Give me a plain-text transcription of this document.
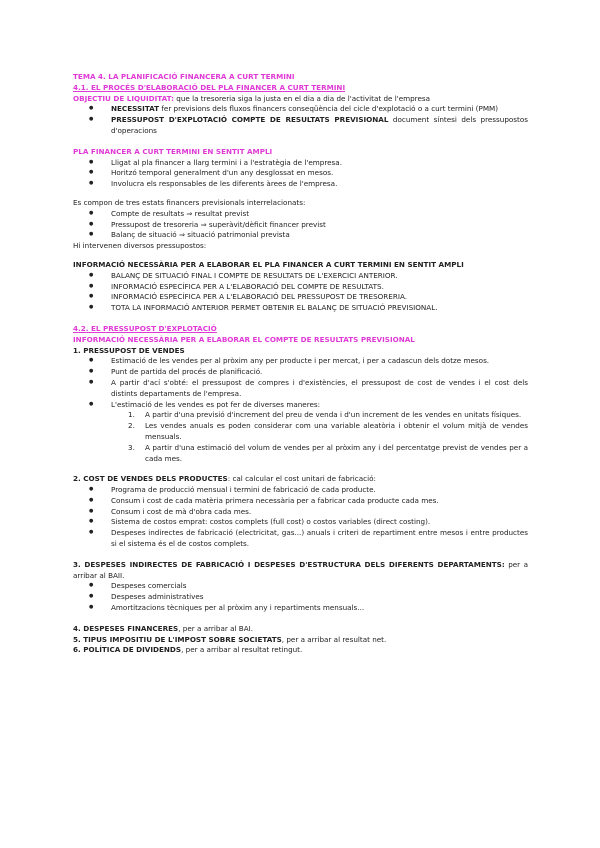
TEMA 4. LA PLANIFICACIÓ FINANCERA A CURT TERMINI

4.1. EL PROCÉS D'ELABORACIÓ DEL PLA FINANCER A CURT TERMINI

OBJECTIU DE LIQUIDITAT: que la tresoreria siga la justa en el dia a dia de l'activitat de l'empresa

● NECESSITAT fer previsions dels fluxos financers conseqüència del cicle d'explotació o a curt termini (PMM)
● PRESSUPOST D'EXPLOTACIÓ COMPTE DE RESULTATS PREVISIONAL document síntesi dels pressupostos d'operacions

PLA FINANCER A CURT TERMINI EN SENTIT AMPLI

● Lligat al pla financer a llarg termini i a l'estratègia de l'empresa.
● Horitzó temporal generalment d'un any desglossat en mesos.
● Involucra els responsables de les diferents àrees de l'empresa.

Es compon de tres estats financers previsionals interrelacionats:

● Compte de resultats ⇒ resultat previst
● Pressupost de tresoreria ⇒ superàvit/dèficit financer previst
● Balanç de situació ⇒ situació patrimonial prevista

Hi intervenen diversos pressupostos:

INFORMACIÓ NECESSÀRIA PER A ELABORAR EL PLA FINANCER A CURT TERMINI EN SENTIT AMPLI

● BALANÇ DE SITUACIÓ FINAL I COMPTE DE RESULTATS DE L'EXERCICI ANTERIOR.
● INFORMACIÓ ESPECÍFICA PER A L'ELABORACIÓ DEL COMPTE DE RESULTATS.
● INFORMACIÓ ESPECÍFICA PER A L'ELABORACIÓ DEL PRESSUPOST DE TRESORERIA.
● TOTA LA INFORMACIÓ ANTERIOR PERMET OBTENIR EL BALANÇ DE SITUACIÓ PREVISIONAL.

4.2. EL PRESSUPOST D'EXPLOTACIÓ

INFORMACIÓ NECESSÀRIA PER A ELABORAR EL COMPTE DE RESULTATS PREVISIONAL

1. PRESSUPOST DE VENDES

● Estimació de les vendes per al pròxim any per producte i per mercat, i per a cadascun dels dotze mesos.
● Punt de partida del procés de planificació.
● A partir d'ací s'obté: el pressupost de compres i d'existències, el pressupost de cost de vendes i el cost dels distints departaments de l'empresa.
● L'estimació de les vendes es pot fer de diverses maneres:
1. A partir d'una previsió d'increment del preu de venda i d'un increment de les vendes en unitats físiques.
2. Les vendes anuals es poden considerar com una variable aleatòria i obtenir el volum mitjà de vendes mensuals.
3. A partir d'una estimació del volum de vendes per al pròxim any i del percentatge previst de vendes per a cada mes.

2. COST DE VENDES DELS PRODUCTES: cal calcular el cost unitari de fabricació:

● Programa de producció mensual i termini de fabricació de cada producte.
● Consum i cost de cada matèria primera necessària per a fabricar cada producte cada mes.
● Consum i cost de mà d'obra cada mes.
● Sistema de costos emprat: costos complets (full cost) o costos variables (direct costing).
● Despeses indirectes de fabricació (electricitat, gas...) anuals i criteri de repartiment entre mesos i entre productes si el sistema és el de costos complets.

3. DESPESES INDIRECTES DE FABRICACIÓ I DESPESES D'ESTRUCTURA DELS DIFERENTS DEPARTAMENTS: per a arribar al BAII.

● Despeses comercials
● Despeses administratives
● Amortitzacions tècniques per al pròxim any i repartiments mensuals...

4. DESPESES FINANCERES, per a arribar al BAI.

5. TIPUS IMPOSITIU DE L'IMPOST SOBRE SOCIETATS, per a arribar al resultat net.

6. POLÍTICA DE DIVIDENDS, per a arribar al resultat retingut.
